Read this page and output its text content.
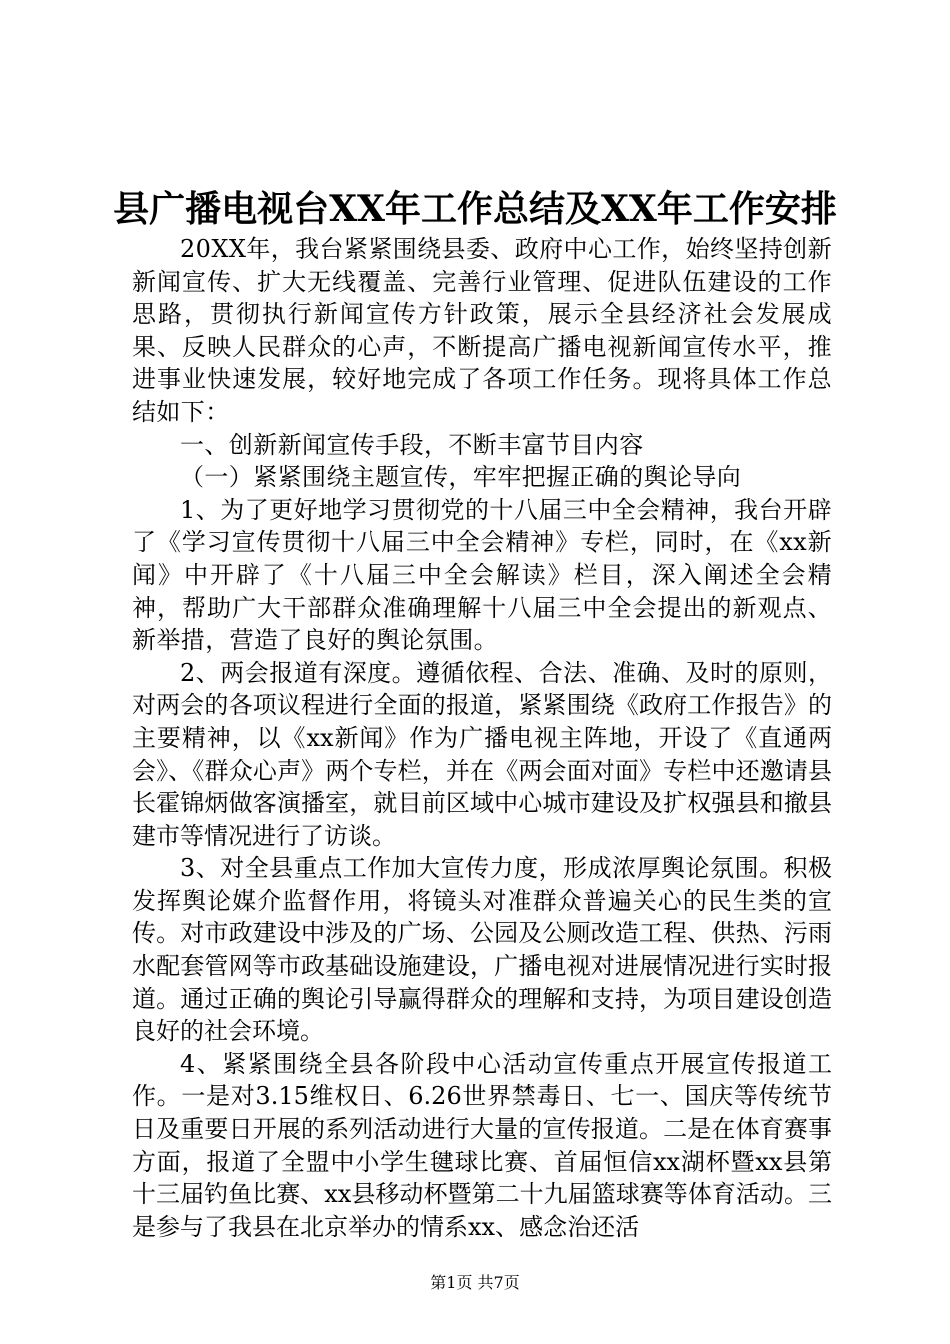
县广播电视台XX年工作总结及XX年工作安排

20XX年，我台紧紧围绕县委、政府中心工作，始终坚持创新新闻宣传、扩大无线覆盖、完善行业管理、促进队伍建设的工作思路，贯彻执行新闻宣传方针政策，展示全县经济社会发展成果、反映人民群众的心声，不断提高广播电视新闻宣传水平，推进事业快速发展，较好地完成了各项工作任务。现将具体工作总结如下：

一、创新新闻宣传手段，不断丰富节目内容

（一）紧紧围绕主题宣传，牢牢把握正确的舆论导向

1、为了更好地学习贯彻党的十八届三中全会精神，我台开辟了《学习宣传贯彻十八届三中全会精神》专栏，同时，在《xx新闻》中开辟了《十八届三中全会解读》栏目，深入阐述全会精神，帮助广大干部群众准确理解十八届三中全会提出的新观点、新举措，营造了良好的舆论氛围。

2、两会报道有深度。遵循依程、合法、准确、及时的原则，对两会的各项议程进行全面的报道，紧紧围绕《政府工作报告》的主要精神，以《xx新闻》作为广播电视主阵地，开设了《直通两会》、《群众心声》两个专栏，并在《两会面对面》专栏中还邀请县长霍锦炳做客演播室，就目前区域中心城市建设及扩权强县和撤县建市等情况进行了访谈。

3、对全县重点工作加大宣传力度，形成浓厚舆论氛围。积极发挥舆论媒介监督作用，将镜头对准群众普遍关心的民生类的宣传。对市政建设中涉及的广场、公园及公厕改造工程、供热、污雨水配套管网等市政基础设施建设，广播电视对进展情况进行实时报道。通过正确的舆论引导赢得群众的理解和支持，为项目建设创造良好的社会环境。

4、紧紧围绕全县各阶段中心活动宣传重点开展宣传报道工作。一是对3.15维权日、6.26世界禁毒日、七一、国庆等传统节日及重要日开展的系列活动进行大量的宣传报道。二是在体育赛事方面，报道了全盟中小学生毽球比赛、首届恒信xx湖杯暨xx县第十三届钓鱼比赛、xx县移动杯暨第二十九届篮球赛等体育活动。三是参与了我县在北京举办的情系xx、感念治还活

第1页 共7页
